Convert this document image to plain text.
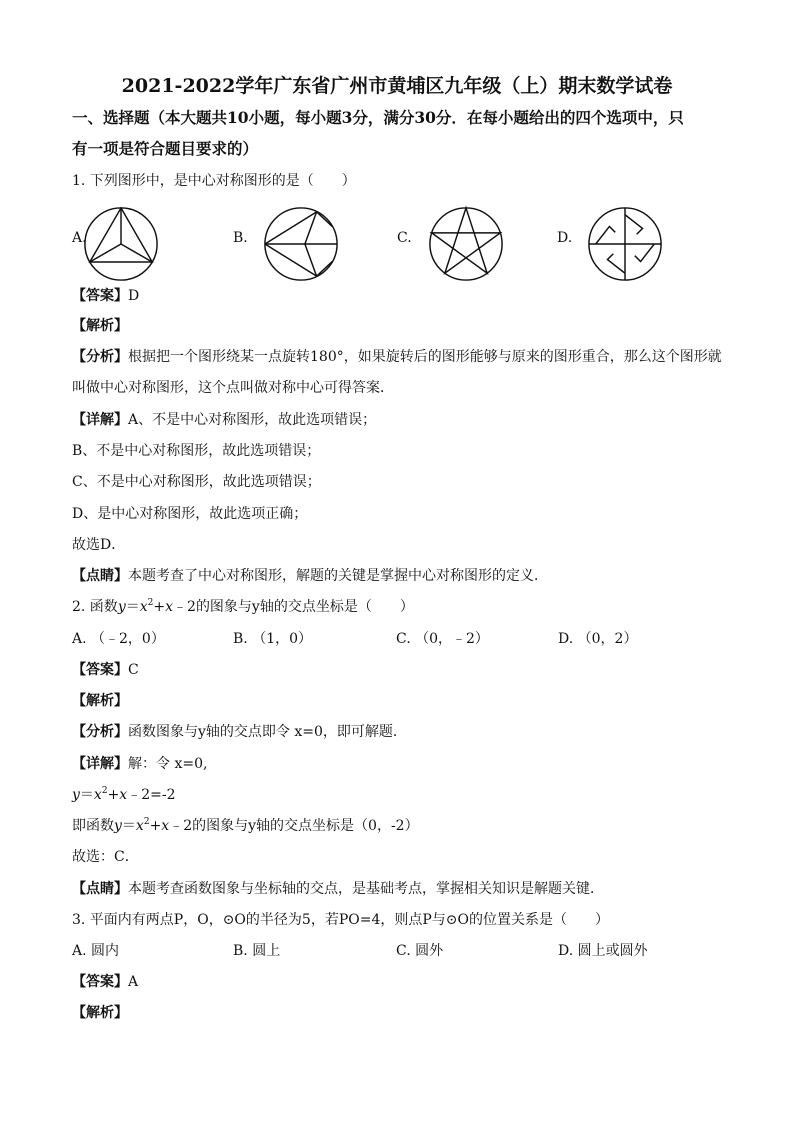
2021-2022学年广东省广州市黄埔区九年级（上）期末数学试卷
一、选择题（本大题共10小题，每小题3分，满分30分．在每小题给出的四个选项中，只
有一项是符合题目要求的）
1. 下列图形中，是中心对称图形的是（　　）
A.	B.	C.	D.
【答案】D
【解析】
【分析】根据把一个图形绕某一点旋转180°，如果旋转后的图形能够与原来的图形重合，那么这个图形就
叫做中心对称图形，这个点叫做对称中心可得答案．
【详解】A、不是中心对称图形，故此选项错误；
B、不是中心对称图形，故此选项错误；
C、不是中心对称图形，故此选项错误；
D、是中心对称图形，故此选项正确；
故选D．
【点睛】本题考查了中心对称图形，解题的关键是掌握中心对称图形的定义．
2. 函数$y=x^2+x﹣2$的图象与y轴的交点坐标是（　　）
A. （﹣2，0）	B. （1，0）	C. （0，﹣2）	D. （0，2）
【答案】C
【解析】
【分析】函数图象与y轴的交点即令 x=0，即可解题．
【详解】解：令 x=0,
$y=x^2+x﹣2=-2$
即函数$y=x^2+x﹣2$的图象与y轴的交点坐标是（0，-2）
故选：C．
【点睛】本题考查函数图象与坐标轴的交点，是基础考点，掌握相关知识是解题关键．
3. 平面内有两点P，O，⊙O的半径为5，若PO=4，则点P与⊙O的位置关系是（　　）
A. 圆内	B. 圆上	C. 圆外	D. 圆上或圆外
【答案】A
【解析】
